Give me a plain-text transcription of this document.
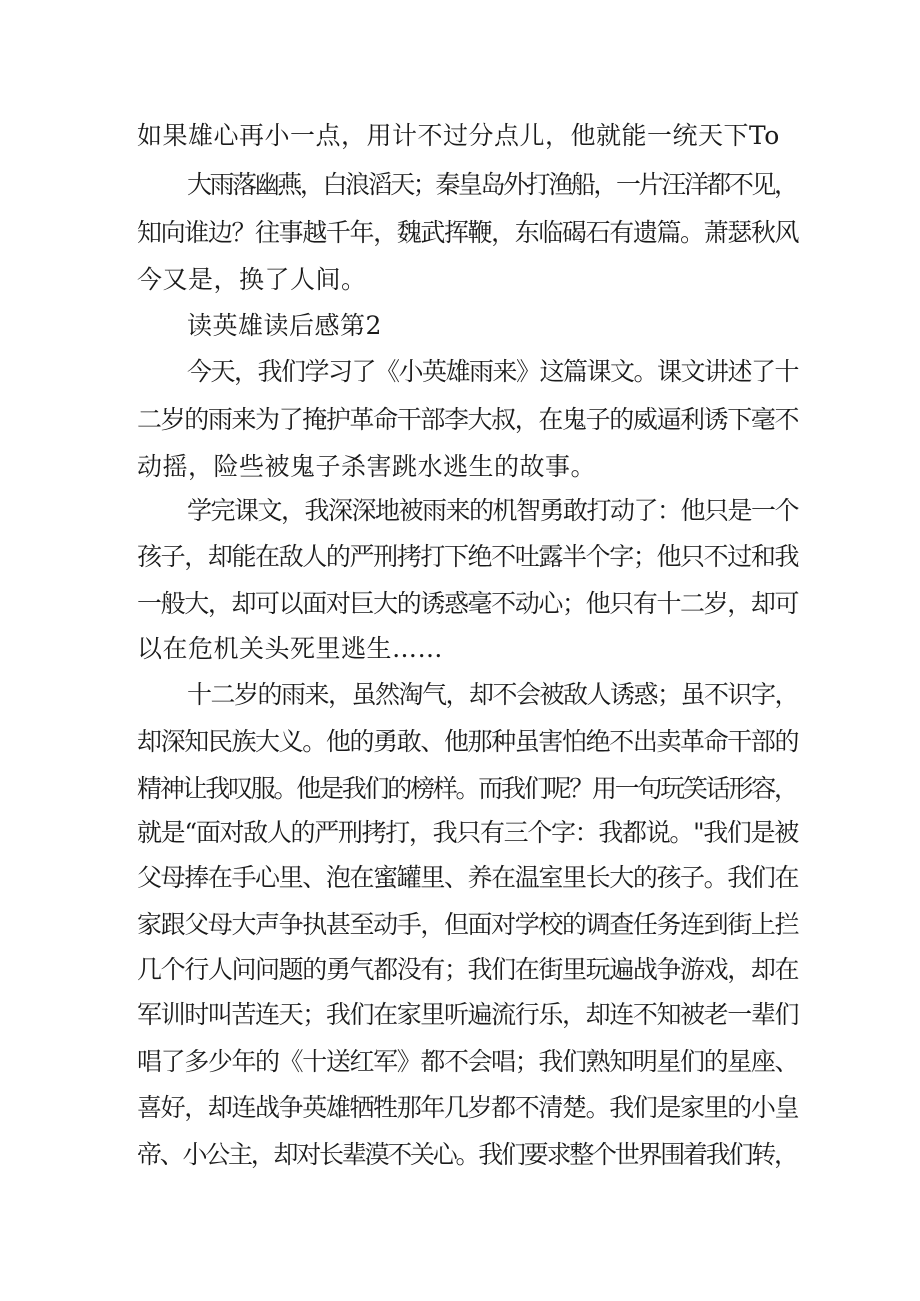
如果雄心再小一点，用计不过分点儿，他就能一统天下To
大雨落幽燕，白浪滔天；秦皇岛外打渔船，一片汪洋都不见，
知向谁边？往事越千年，魏武挥鞭，东临碣石有遗篇。萧瑟秋风
今又是，换了人间。
读英雄读后感第2
今天，我们学习了《小英雄雨来》这篇课文。课文讲述了十
二岁的雨来为了掩护革命干部李大叔，在鬼子的威逼利诱下毫不
动摇，险些被鬼子杀害跳水逃生的故事。
学完课文，我深深地被雨来的机智勇敢打动了：他只是一个
孩子，却能在敌人的严刑拷打下绝不吐露半个字；他只不过和我
一般大，却可以面对巨大的诱惑毫不动心；他只有十二岁，却可
以在危机关头死里逃生……
十二岁的雨来，虽然淘气，却不会被敌人诱惑；虽不识字，
却深知民族大义。他的勇敢、他那种虽害怕绝不出卖革命干部的
精神让我叹服。他是我们的榜样。而我们呢？用一句玩笑话形容，
就是“面对敌人的严刑拷打，我只有三个字：我都说。"我们是被
父母捧在手心里、泡在蜜罐里、养在温室里长大的孩子。我们在
家跟父母大声争执甚至动手，但面对学校的调查任务连到街上拦
几个行人问问题的勇气都没有；我们在街里玩遍战争游戏，却在
军训时叫苦连天；我们在家里听遍流行乐，却连不知被老一辈们
唱了多少年的《十送红军》都不会唱；我们熟知明星们的星座、
喜好，却连战争英雄牺牲那年几岁都不清楚。我们是家里的小皇
帝、小公主，却对长辈漠不关心。我们要求整个世界围着我们转，
